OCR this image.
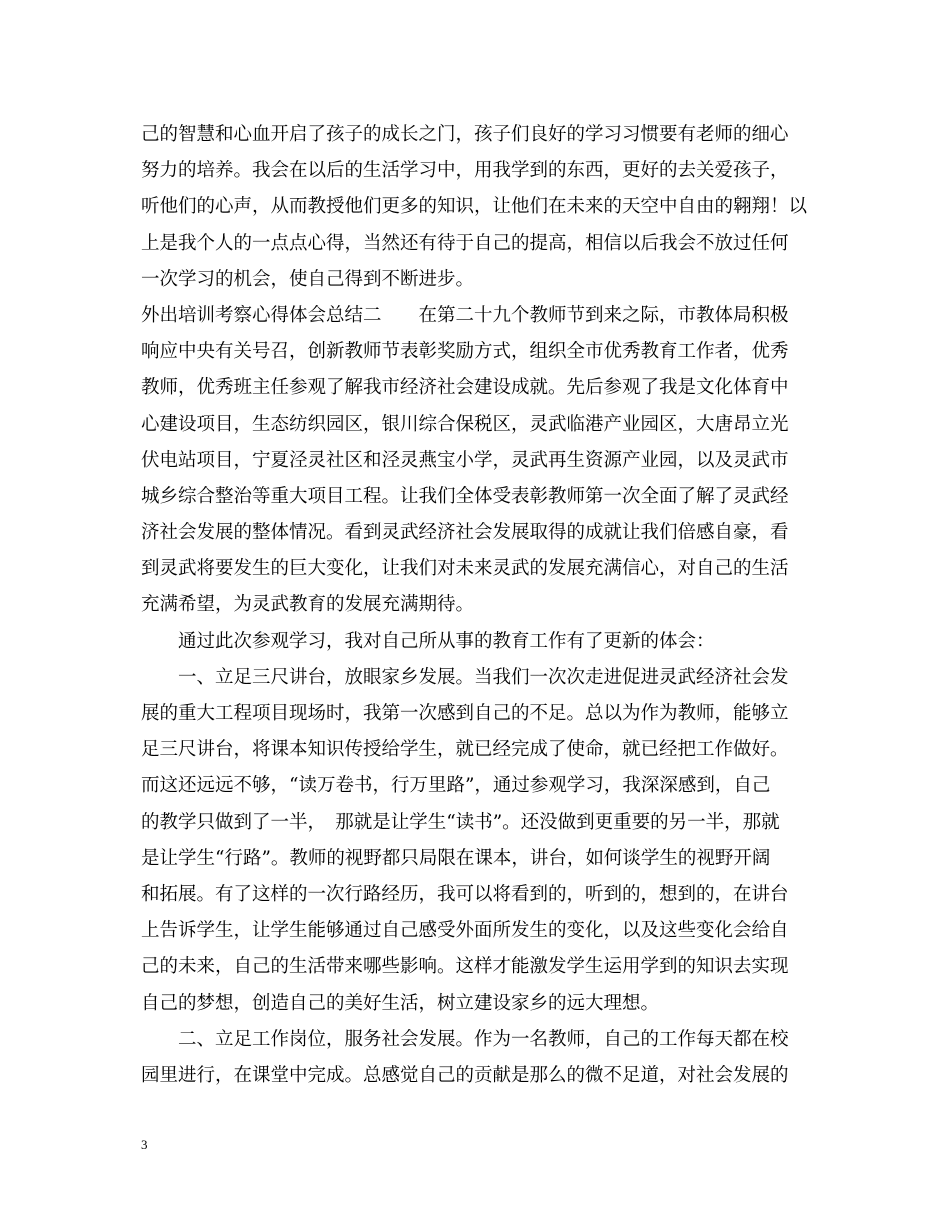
己的智慧和心血开启了孩子的成长之门，孩子们良好的学习习惯要有老师的细心
努力的培养。我会在以后的生活学习中，用我学到的东西，更好的去关爱孩子，
听他们的心声，从而教授他们更多的知识，让他们在未来的天空中自由的翱翔！以
上是我个人的一点点心得，当然还有待于自己的提高，相信以后我会不放过任何
一次学习的机会，使自己得到不断进步。
外出培训考察心得体会总结二　　在第二十九个教师节到来之际，市教体局积极
响应中央有关号召，创新教师节表彰奖励方式，组织全市优秀教育工作者，优秀
教师，优秀班主任参观了解我市经济社会建设成就。先后参观了我是文化体育中
心建设项目，生态纺织园区，银川综合保税区，灵武临港产业园区，大唐昂立光
伏电站项目，宁夏泾灵社区和泾灵燕宝小学，灵武再生资源产业园，以及灵武市
城乡综合整治等重大项目工程。让我们全体受表彰教师第一次全面了解了灵武经
济社会发展的整体情况。看到灵武经济社会发展取得的成就让我们倍感自豪，看
到灵武将要发生的巨大变化，让我们对未来灵武的发展充满信心，对自己的生活
充满希望，为灵武教育的发展充满期待。
　　通过此次参观学习，我对自己所从事的教育工作有了更新的体会：
　　一、立足三尺讲台，放眼家乡发展。当我们一次次走进促进灵武经济社会发
展的重大工程项目现场时，我第一次感到自己的不足。总以为作为教师，能够立
足三尺讲台，将课本知识传授给学生，就已经完成了使命，就已经把工作做好。
而这还远远不够，“读万卷书，行万里路”，通过参观学习，我深深感到，自己
的教学只做到了一半，　那就是让学生“读书”。还没做到更重要的另一半，那就
是让学生“行路”。教师的视野都只局限在课本，讲台，如何谈学生的视野开阔
和拓展。有了这样的一次行路经历，我可以将看到的，听到的，想到的，在讲台
上告诉学生，让学生能够通过自己感受外面所发生的变化，以及这些变化会给自
己的未来，自己的生活带来哪些影响。这样才能激发学生运用学到的知识去实现
自己的梦想，创造自己的美好生活，树立建设家乡的远大理想。
　　二、立足工作岗位，服务社会发展。作为一名教师，自己的工作每天都在校
园里进行，在课堂中完成。总感觉自己的贡献是那么的微不足道，对社会发展的
3
